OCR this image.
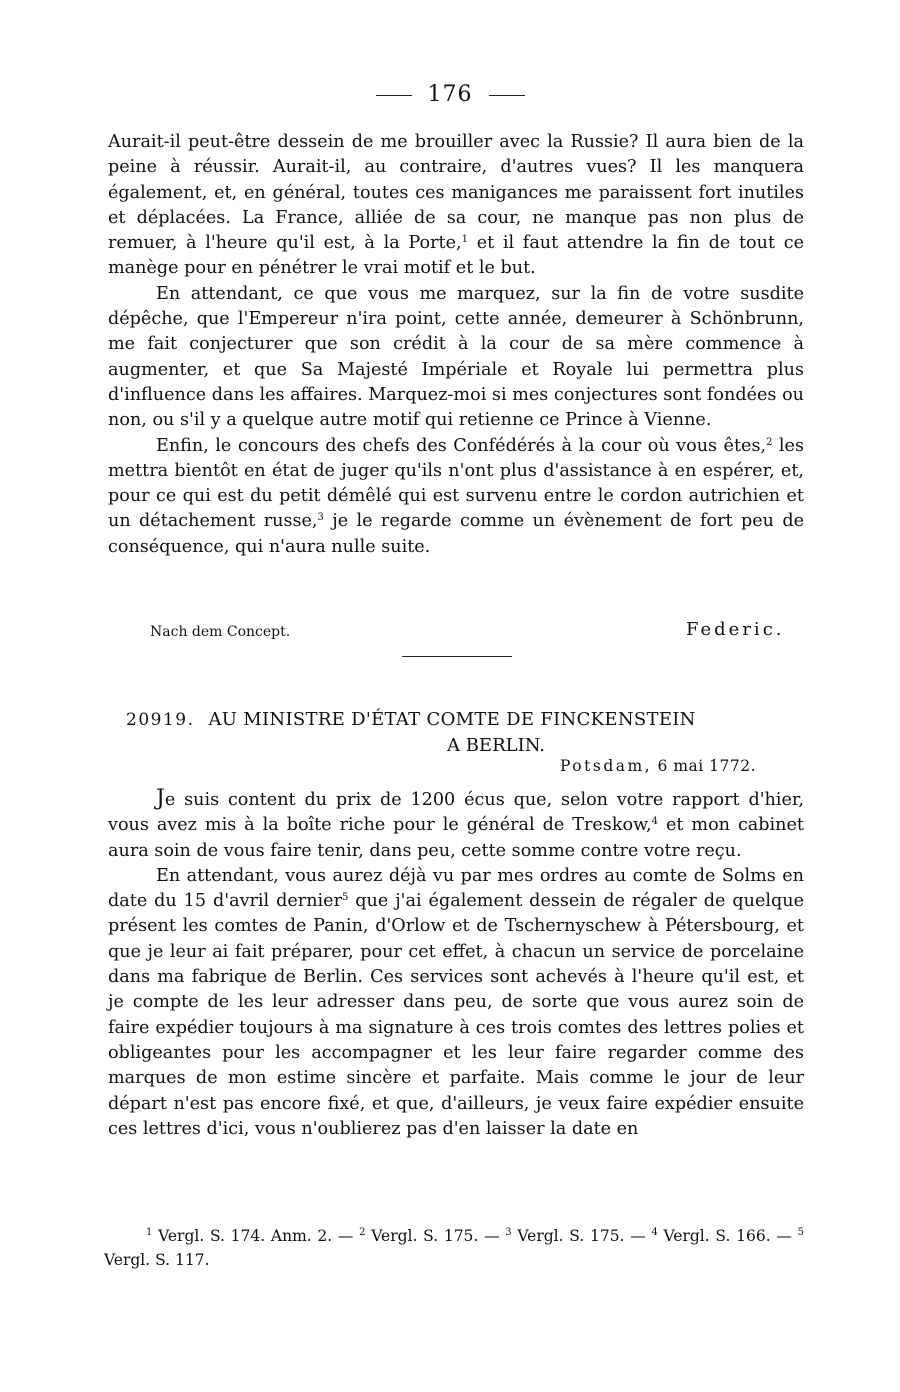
176

Aurait-il peut-être dessein de me brouiller avec la Russie? Il aura bien de la peine à réussir. Aurait-il, au contraire, d'autres vues? Il les manquera également, et, en général, toutes ces manigances me paraissent fort inutiles et déplacées. La France, alliée de sa cour, ne manque pas non plus de remuer, à l'heure qu'il est, à la Porte,$^1$ et il faut attendre la fin de tout ce manège pour en pénétrer le vrai motif et le but.

En attendant, ce que vous me marquez, sur la fin de votre susdite dépêche, que l'Empereur n'ira point, cette année, demeurer à Schönbrunn, me fait conjecturer que son crédit à la cour de sa mère commence à augmenter, et que Sa Majesté Impériale et Royale lui permettra plus d'influence dans les affaires. Marquez-moi si mes conjectures sont fondées ou non, ou s'il y a quelque autre motif qui retienne ce Prince à Vienne.

Enfin, le concours des chefs des Confédérés à la cour où vous êtes,$^2$ les mettra bientôt en état de juger qu'ils n'ont plus d'assistance à en espérer, et, pour ce qui est du petit démêlé qui est survenu entre le cordon autrichien et un détachement russe,$^3$ je le regarde comme un évènement de fort peu de conséquence, qui n'aura nulle suite.

Nach dem Concept.	Federic.
20919. AU MINISTRE D'ÉTAT COMTE DE FINCKENSTEIN
A BERLIN.
Potsdam, 6 mai 1772.

Je suis content du prix de 1200 écus que, selon votre rapport d'hier, vous avez mis à la boîte riche pour le général de Treskow,$^4$ et mon cabinet aura soin de vous faire tenir, dans peu, cette somme contre votre reçu.

En attendant, vous aurez déjà vu par mes ordres au comte de Solms en date du 15 d'avril dernier$^5$ que j'ai également dessein de régaler de quelque présent les comtes de Panin, d'Orlow et de Tschernyschew à Pétersbourg, et que je leur ai fait préparer, pour cet effet, à chacun un service de porcelaine dans ma fabrique de Berlin. Ces services sont achevés à l'heure qu'il est, et je compte de les leur adresser dans peu, de sorte que vous aurez soin de faire expédier toujours à ma signature à ces trois comtes des lettres polies et obligeantes pour les accompagner et les leur faire regarder comme des marques de mon estime sincère et parfaite. Mais comme le jour de leur départ n'est pas encore fixé, et que, d'ailleurs, je veux faire expédier ensuite ces lettres d'ici, vous n'oublierez pas d'en laisser la date en

$^1$ Vergl. S. 174. Anm. 2. — $^2$ Vergl. S. 175. — $^3$ Vergl. S. 175. — $^4$ Vergl. S. 166. — $^5$ Vergl. S. 117.
